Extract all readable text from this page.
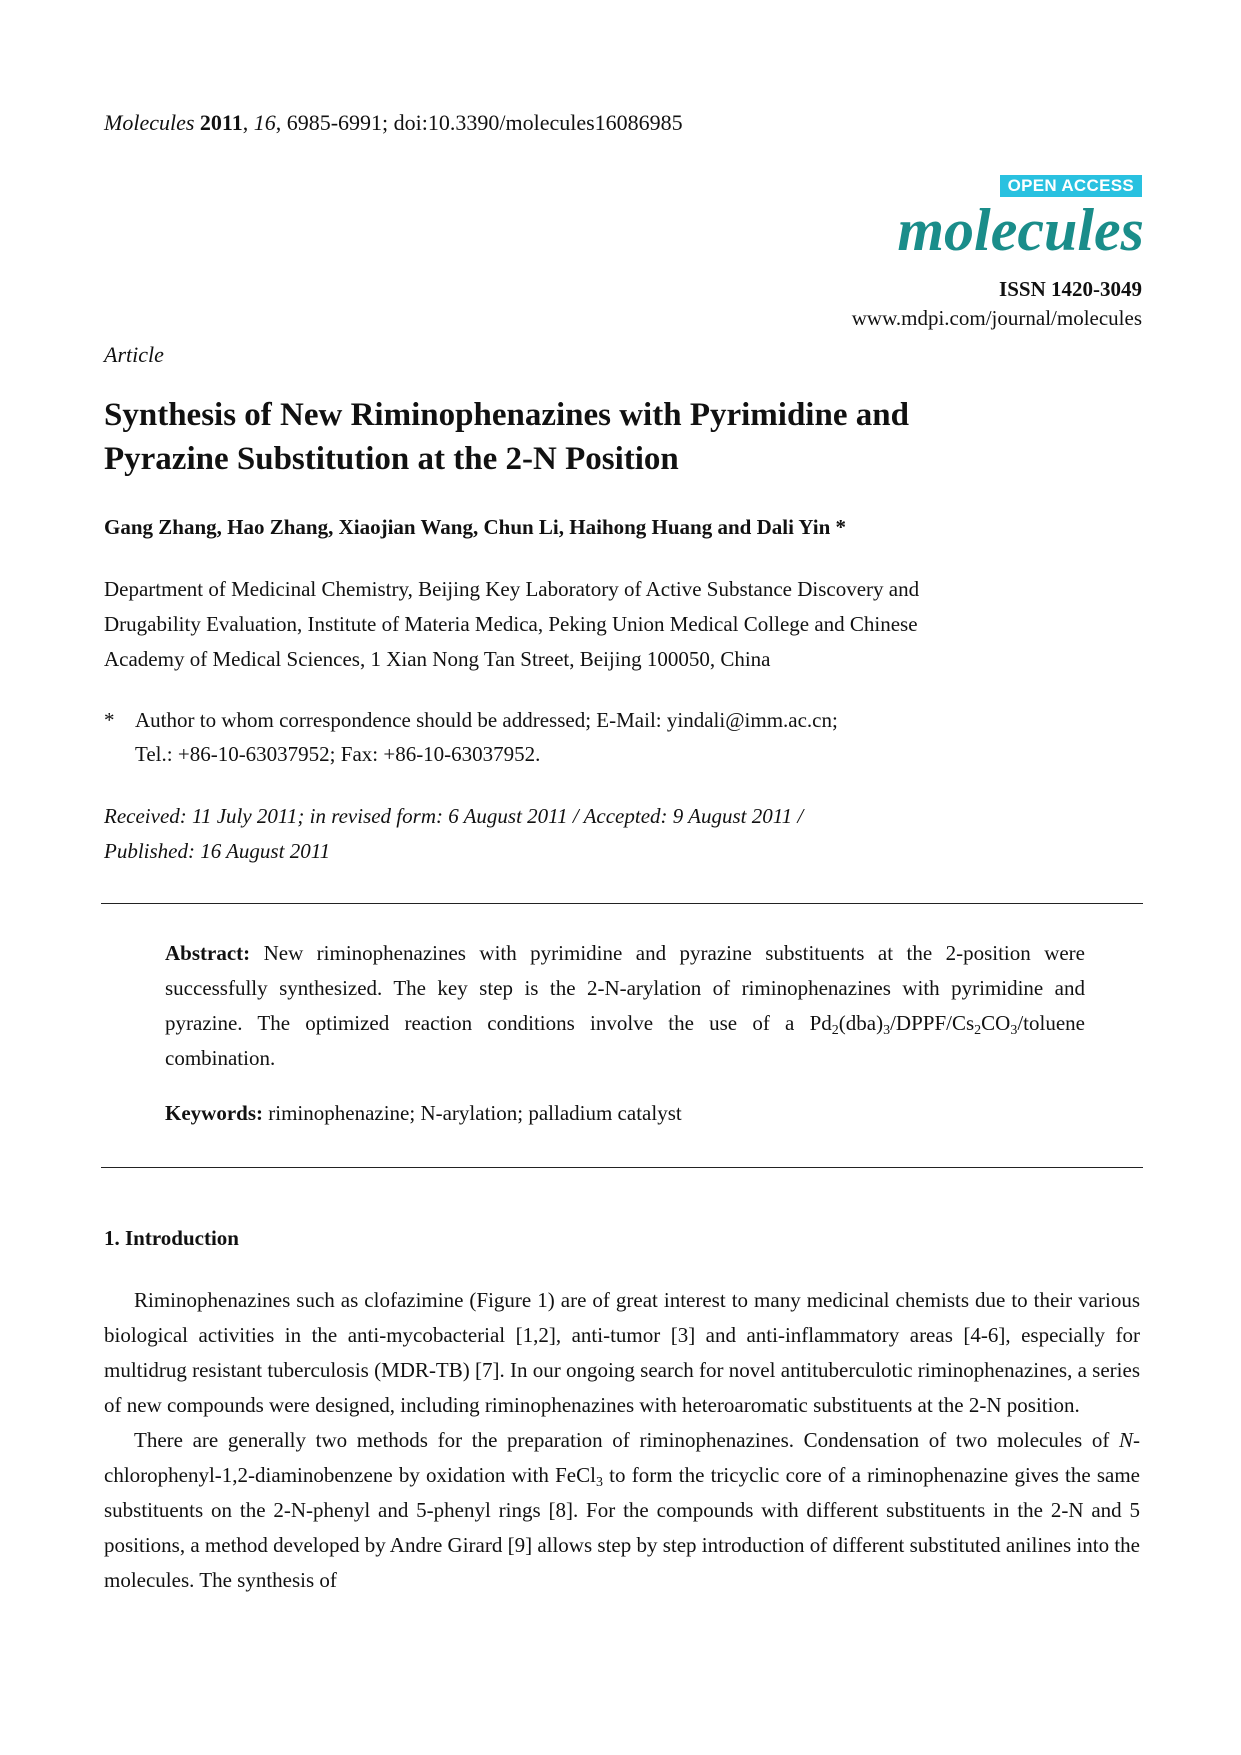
Molecules 2011, 16, 6985-6991; doi:10.3390/molecules16086985
OPEN ACCESS
molecules
ISSN 1420-3049
www.mdpi.com/journal/molecules
Article
Synthesis of New Riminophenazines with Pyrimidine and
Pyrazine Substitution at the 2-N Position
Gang Zhang, Hao Zhang, Xiaojian Wang, Chun Li, Haihong Huang and Dali Yin *
Department of Medicinal Chemistry, Beijing Key Laboratory of Active Substance Discovery and
Drugability Evaluation, Institute of Materia Medica, Peking Union Medical College and Chinese
Academy of Medical Sciences, 1 Xian Nong Tan Street, Beijing 100050, China
* Author to whom correspondence should be addressed; E-Mail: yindali@imm.ac.cn;
Tel.: +86-10-63037952; Fax: +86-10-63037952.
Received: 11 July 2011; in revised form: 6 August 2011 / Accepted: 9 August 2011 /
Published: 16 August 2011
Abstract: New riminophenazines with pyrimidine and pyrazine substituents at the 2-position were successfully synthesized. The key step is the 2-N-arylation of riminophenazines with pyrimidine and pyrazine. The optimized reaction conditions involve the use of a $Pd_2(dba)_3/DPPF/Cs_2CO_3$/toluene combination.
Keywords: riminophenazine; N-arylation; palladium catalyst
1. Introduction

Riminophenazines such as clofazimine (Figure 1) are of great interest to many medicinal chemists due to their various biological activities in the anti-mycobacterial [1,2], anti-tumor [3] and anti-inflammatory areas [4-6], especially for multidrug resistant tuberculosis (MDR-TB) [7]. In our ongoing search for novel antituberculotic riminophenazines, a series of new compounds were designed, including riminophenazines with heteroaromatic substituents at the 2-N position.

There are generally two methods for the preparation of riminophenazines. Condensation of two molecules of N-chlorophenyl-1,2-diaminobenzene by oxidation with FeCl$_3$ to form the tricyclic core of a riminophenazine gives the same substituents on the 2-N-phenyl and 5-phenyl rings [8]. For the compounds with different substituents in the 2-N and 5 positions, a method developed by Andre Girard [9] allows step by step introduction of different substituted anilines into the molecules. The synthesis of
